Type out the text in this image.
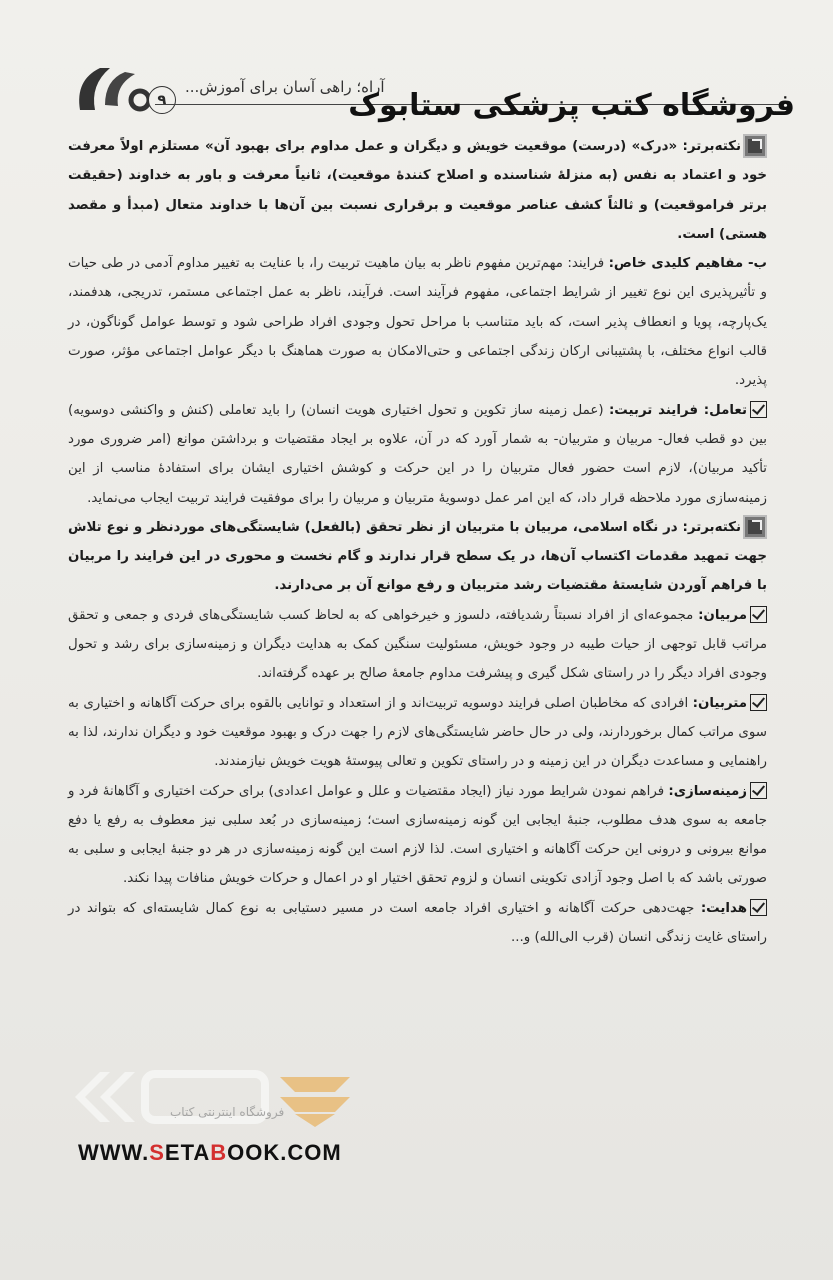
۹
آراه؛ راهی آسان برای آموزش...
فروشگاه کتب پزشکی ستابوک

نکته‌برتر: «درک» (درست) موقعیت خویش و دیگران و عمل مداوم برای بهبود آن» مستلزم اولاً معرفت خود و اعتماد به نفس (به منزلهٔ شناسنده و اصلاح کنندهٔ موقعیت)، ثانیاً معرفت و باور به خداوند (حقیقت برتر فراموقعیت) و ثالثاً کشف عناصر موقعیت و برقراری نسبت بین آن‌ها با خداوند متعال (مبدأ و مقصد هستی) است.

ب- مفاهیم کلیدی خاص: فرایند: مهم‌ترین مفهوم ناظر به بیان ماهیت تربیت را، با عنایت به تغییر مداوم آدمی در طی حیات و تأثیرپذیری این نوع تغییر از شرایط اجتماعی، مفهوم فرآیند است. فرآیند، ناظر به عمل اجتماعی مستمر، تدریجی، هدفمند، یک‌پارچه، پویا و انعطاف پذیر است، که باید متناسب با مراحل تحول وجودی افراد طراحی شود و توسط عوامل گوناگون، در قالب انواع مختلف، با پشتیبانی ارکان زندگی اجتماعی و حتی‌الامکان به صورت هماهنگ با دیگر عوامل اجتماعی مؤثر، صورت پذیرد.

تعامل: فرایند تربیت: (عمل زمینه ساز تکوین و تحول اختیاری هویت انسان) را باید تعاملی (کنش و واکنشی دوسویه) بین دو قطب فعال- مربیان و متربیان- به شمار آورد که در آن، علاوه بر ایجاد مقتضیات و برداشتن موانع (امر ضروری مورد تأکید مربیان)، لازم است حضور فعال متربیان را در این حرکت و کوشش اختیاری ایشان برای استفادهٔ مناسب از این زمینه‌سازی مورد ملاحظه قرار داد، که این امر عمل دوسویهٔ متربیان و مربیان را برای موفقیت فرایند تربیت ایجاب می‌نماید.

نکته‌برتر: در نگاه اسلامی، مربیان با متربیان از نظر تحقق (بالفعل) شایستگی‌های موردنظر و نوع تلاش جهت تمهید مقدمات اکتساب آن‌ها، در یک سطح قرار ندارند و گام نخست و محوری در این فرایند را مربیان با فراهم آوردن شایستهٔ مقتضیات رشد متربیان و رفع موانع آن بر می‌دارند.

مربیان: مجموعه‌ای از افراد نسبتاً رشدیافته، دلسوز و خیرخواهی که به لحاظ کسب شایستگی‌های فردی و جمعی و تحقق مراتب قابل توجهی از حیات طیبه در وجود خویش، مسئولیت سنگین کمک به هدایت دیگران و زمینه‌سازی برای رشد و تحول وجودی افراد دیگر را در راستای شکل گیری و پیشرفت مداوم جامعهٔ صالح بر عهده گرفته‌اند.

متربیان: افرادی که مخاطبان اصلی فرایند دوسویه تربیت‌اند و از استعداد و توانایی بالقوه برای حرکت آگاهانه و اختیاری به سوی مراتب کمال برخوردارند، ولی در حال حاضر شایستگی‌های لازم را جهت درک و بهبود موقعیت خود و دیگران ندارند، لذا به راهنمایی و مساعدت دیگران در این زمینه و در راستای تکوین و تعالی پیوستهٔ هویت خویش نیازمندند.

زمینه‌سازی: فراهم نمودن شرایط مورد نیاز (ایجاد مقتضیات و علل و عوامل اعدادی) برای حرکت اختیاری و آگاهانهٔ فرد و جامعه به سوی هدف مطلوب، جنبهٔ ایجابی این گونه زمینه‌سازی است؛ زمینه‌سازی در بُعد سلبی نیز معطوف به رفع یا دفع موانع بیرونی و درونی این حرکت آگاهانه و اختیاری است. لذا لازم است این گونه زمینه‌سازی در هر دو جنبهٔ ایجابی و سلبی به صورتی باشد که با اصل وجود آزادی تکوینی انسان و لزوم تحقق اختیار او در اعمال و حرکات خویش منافات پیدا نکند.

هدایت: جهت‌دهی حرکت آگاهانه و اختیاری افراد جامعه است در مسیر دستیابی به نوع کمال شایسته‌ای که بتواند در راستای غایت زندگی انسان (قرب الی‌الله) و...

فروشگاه اینترنتی کتاب
WWW.SETABOOK.COM
